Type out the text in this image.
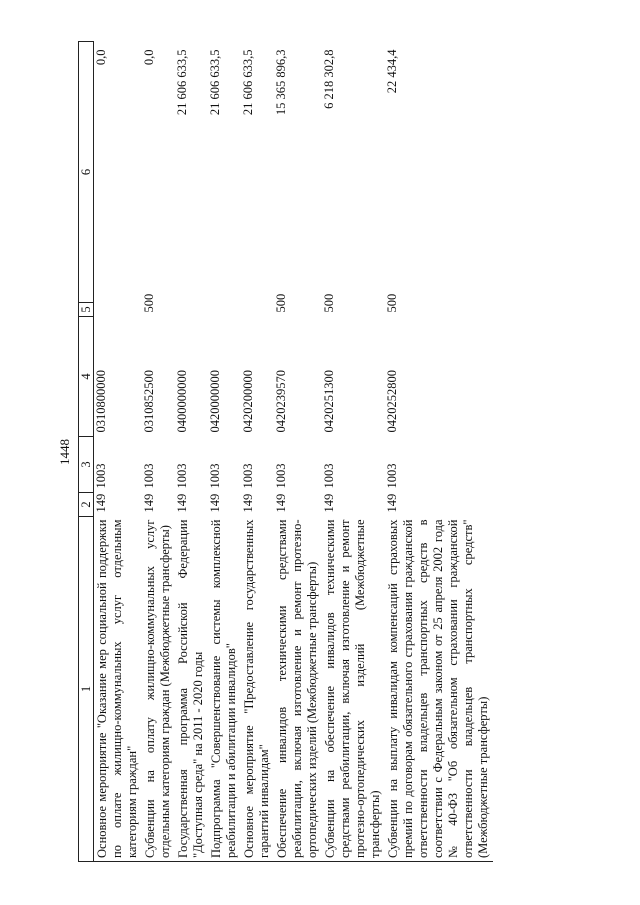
1448
1	2	3	4	5	6
Основное мероприятие "Оказание мер социальной поддержки по оплате жилищно-коммунальных услуг отдельным категориям граждан"	149	1003	0310800000		0,0
Субвенции на оплату жилищно-коммунальных услуг отдельным категориям граждан (Межбюджетные трансферты)	149	1003	0310852500	500	0,0
Государственная программа Российской Федерации "Доступная среда" на 2011 - 2020 годы	149	1003	0400000000		21 606 633,5
Подпрограмма "Совершенствование системы комплексной реабилитации и абилитации инвалидов"	149	1003	0420000000		21 606 633,5
Основное мероприятие "Предоставление государственных гарантий инвалидам"	149	1003	0420200000		21 606 633,5
Обеспечение инвалидов техническими средствами реабилитации, включая изготовление и ремонт протезно-ортопедических изделий (Межбюджетные трансферты)	149	1003	0420239570	500	15 365 896,3
Субвенции на обеспечение инвалидов техническими средствами реабилитации, включая изготовление и ремонт протезно-ортопедических изделий (Межбюджетные трансферты)	149	1003	0420251300	500	6 218 302,8
Субвенции на выплату инвалидам компенсаций страховых премий по договорам обязательного страхования гражданской ответственности владельцев транспортных средств в соответствии с Федеральным законом от 25 апреля 2002 года № 40-ФЗ "Об обязательном страховании гражданской ответственности владельцев транспортных средств" (Межбюджетные трансферты)	149	1003	0420252800	500	22 434,4
